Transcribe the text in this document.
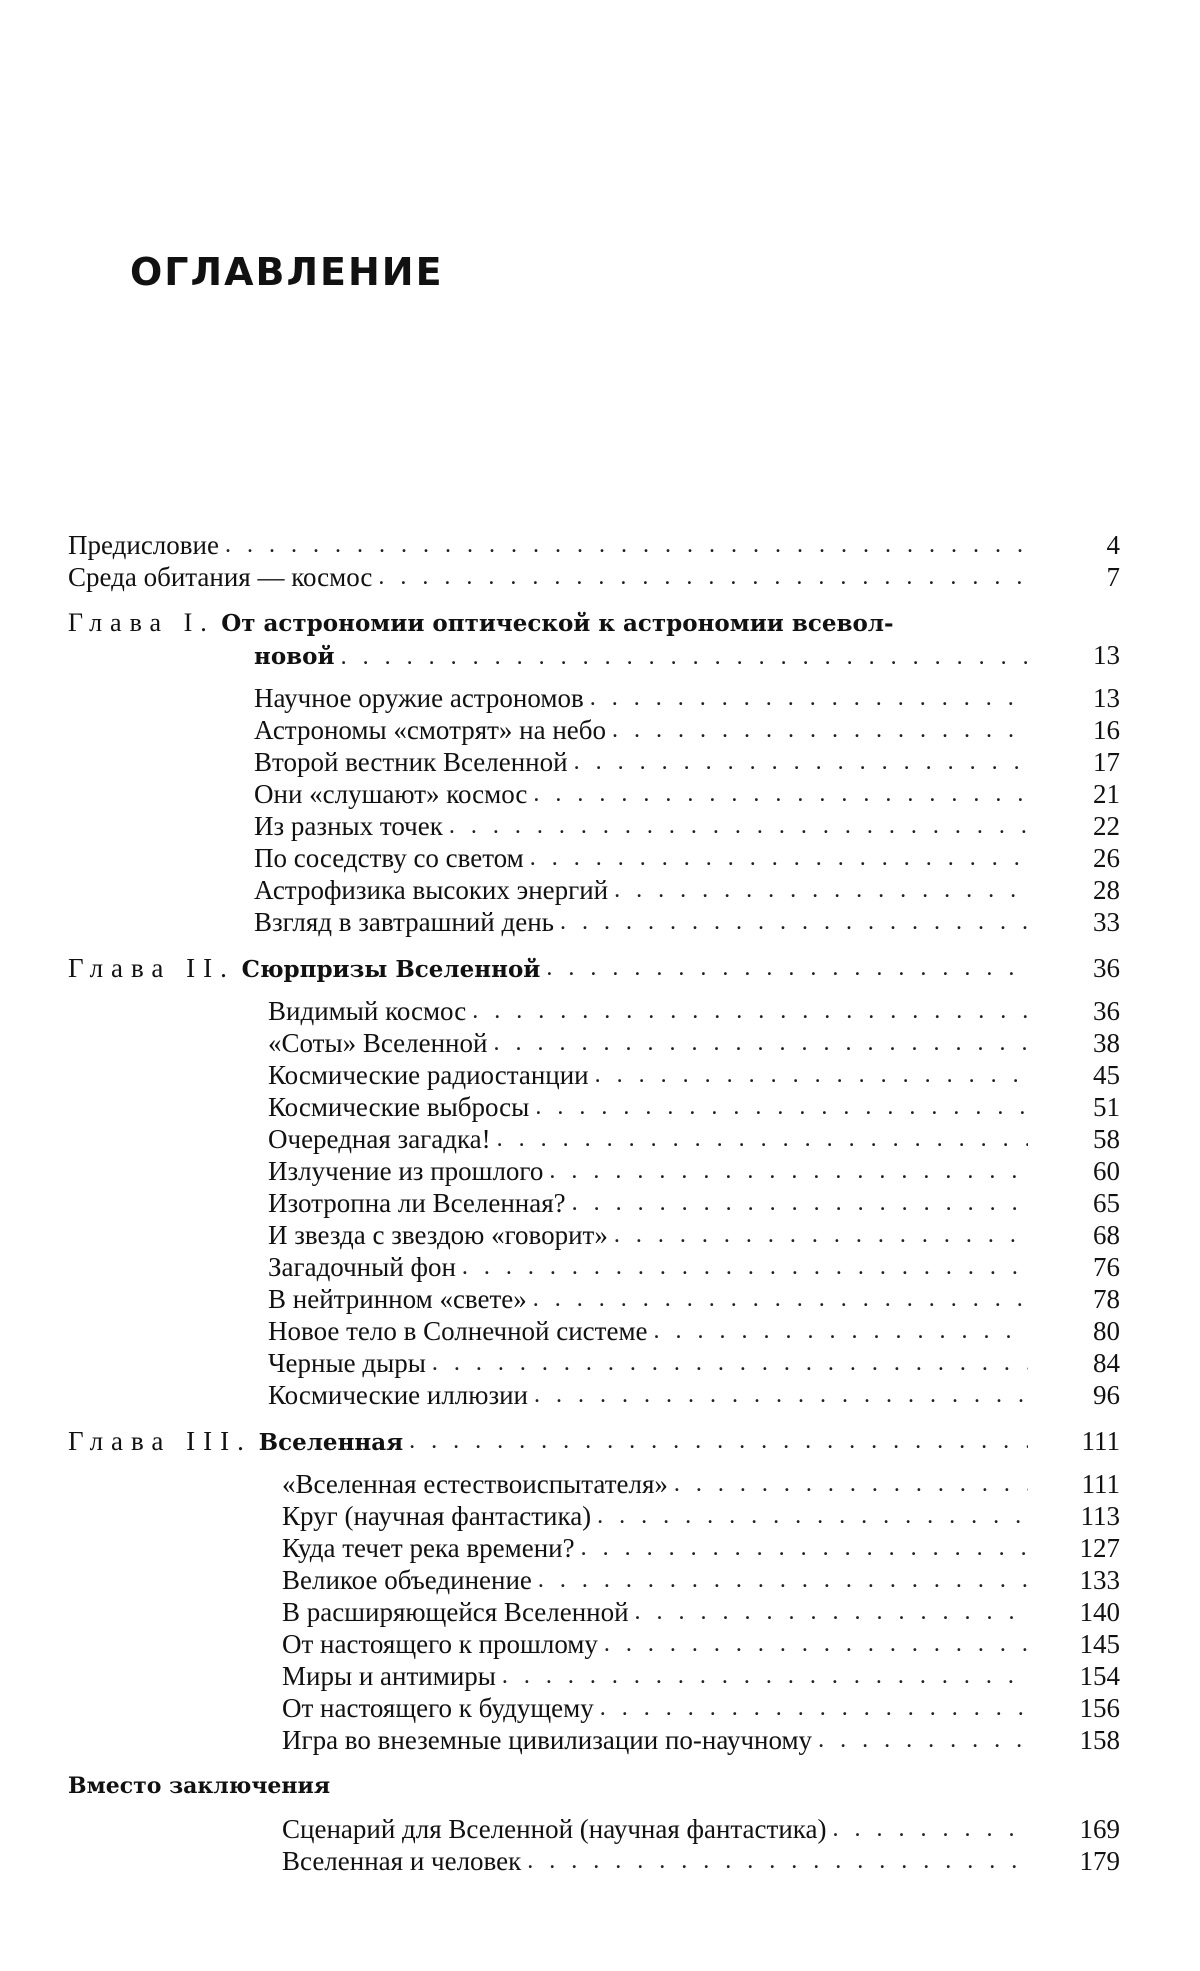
ОГЛАВЛЕНИЕ
Предисловие . . .	4
Среда обитания — космос . . .	7
Глава I. От астрономии оптической к астрономии всевол-
новой . . .	13
Научное оружие астрономов . . .	13
Астрономы «смотрят» на небо . . .	16
Второй вестник Вселенной . . .	17
Они «слушают» космос . . .	21
Из разных точек . . .	22
По соседству со светом . . .	26
Астрофизика высоких энергий . . .	28
Взгляд в завтрашний день . . .	33
Глава II. Сюрпризы Вселенной . . .	36
Видимый космос . . .	36
«Соты» Вселенной . . .	38
Космические радиостанции . . .	45
Космические выбросы . . .	51
Очередная загадка! . . .	58
Излучение из прошлого . . .	60
Изотропна ли Вселенная? . . .	65
И звезда с звездою «говорит» . . .	68
Загадочный фон . . .	76
В нейтринном «свете» . . .	78
Новое тело в Солнечной системе . . .	80
Черные дыры . . .	84
Космические иллюзии . . .	96
Глава III. Вселенная . . .	111
«Вселенная естествоиспытателя» . . .	111
Круг (научная фантастика) . . .	113
Куда течет река времени? . . .	127
Великое объединение . . .	133
В расширяющейся Вселенной . . .	140
От настоящего к прошлому . . .	145
Миры и антимиры . . .	154
От настоящего к будущему . . .	156
Игра во внеземные цивилизации по-научному . . .	158
Вместо заключения
Сценарий для Вселенной (научная фантастика) . . .	169
Вселенная и человек . . .	179
